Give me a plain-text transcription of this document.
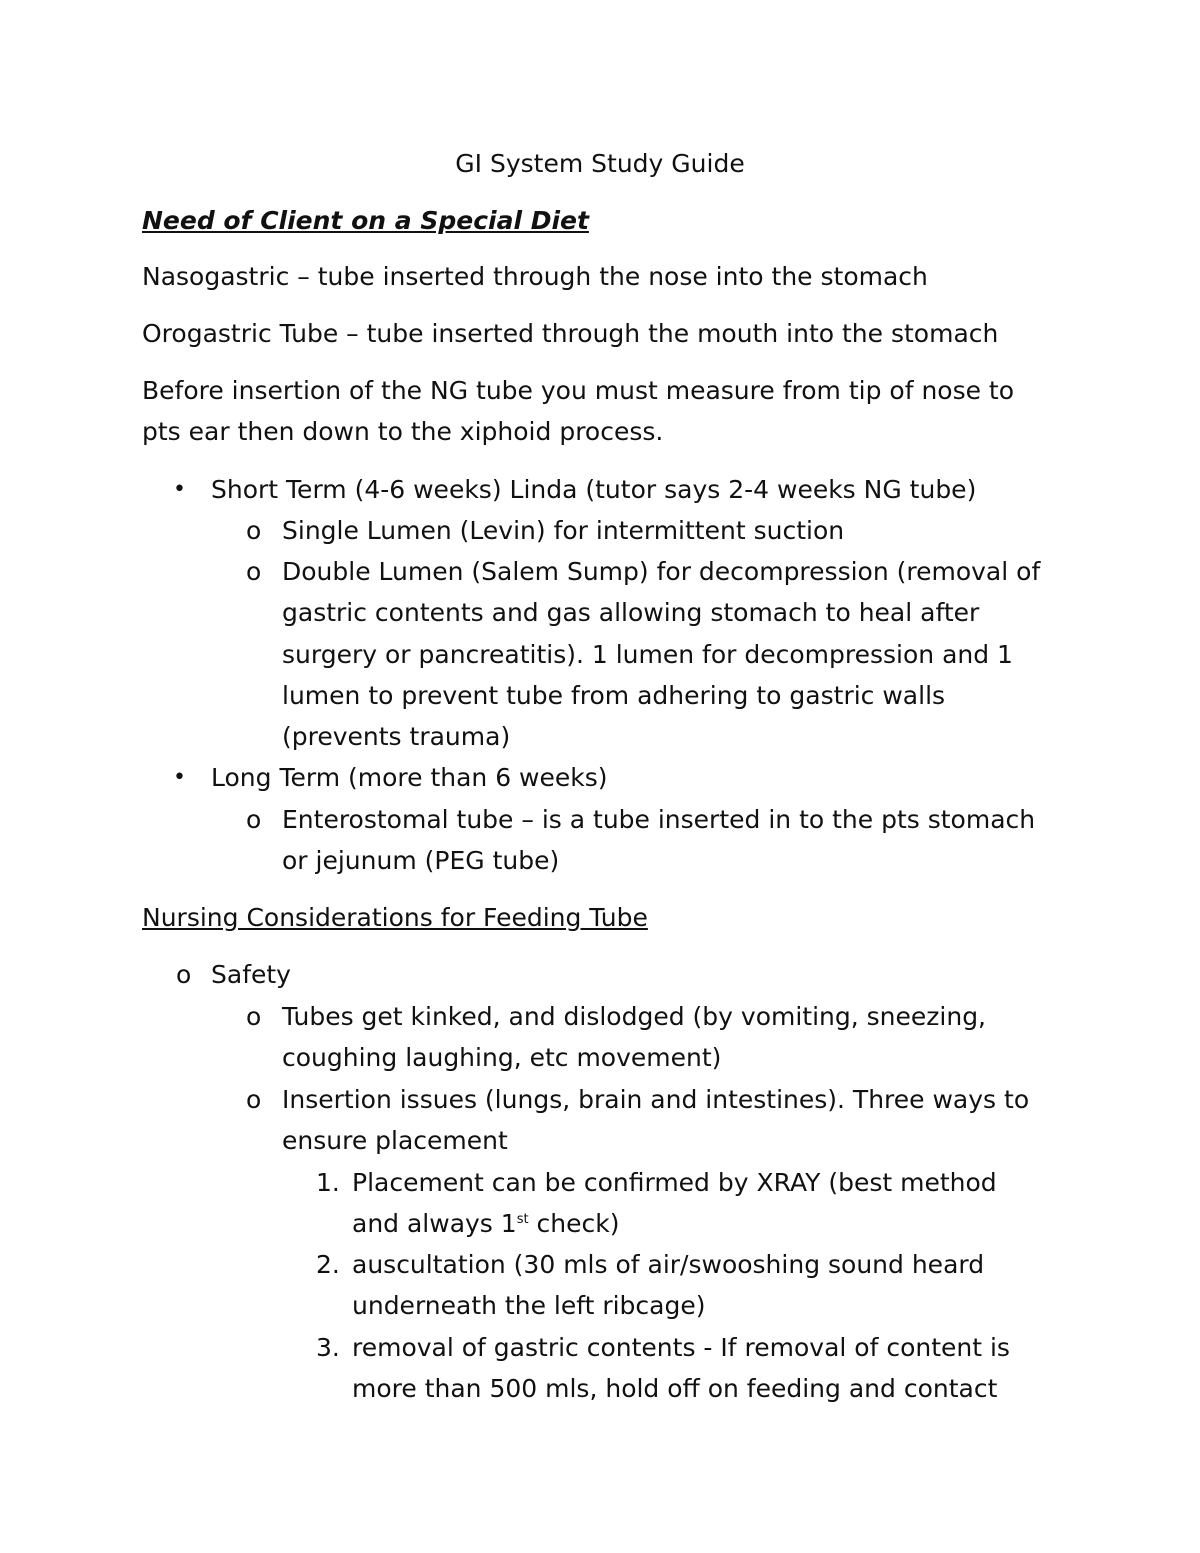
GI System Study Guide
Need of Client on a Special Diet
Nasogastric – tube inserted through the nose into the stomach
Orogastric Tube – tube inserted through the mouth into the stomach
Before insertion of the NG tube you must measure from tip of nose to
pts ear then down to the xiphoid process.
• Short Term (4-6 weeks) Linda (tutor says 2-4 weeks NG tube)
o Single Lumen (Levin) for intermittent suction
o Double Lumen (Salem Sump) for decompression (removal of
gastric contents and gas allowing stomach to heal after
surgery or pancreatitis). 1 lumen for decompression and 1
lumen to prevent tube from adhering to gastric walls
(prevents trauma)
• Long Term (more than 6 weeks)
o Enterostomal tube – is a tube inserted in to the pts stomach
or jejunum (PEG tube)
Nursing Considerations for Feeding Tube
o Safety
o Tubes get kinked, and dislodged (by vomiting, sneezing,
coughing laughing, etc movement)
o Insertion issues (lungs, brain and intestines). Three ways to
ensure placement
1. Placement can be confirmed by XRAY (best method
and always 1st check)
2. auscultation (30 mls of air/swooshing sound heard
underneath the left ribcage)
3. removal of gastric contents - If removal of content is
more than 500 mls, hold off on feeding and contact
